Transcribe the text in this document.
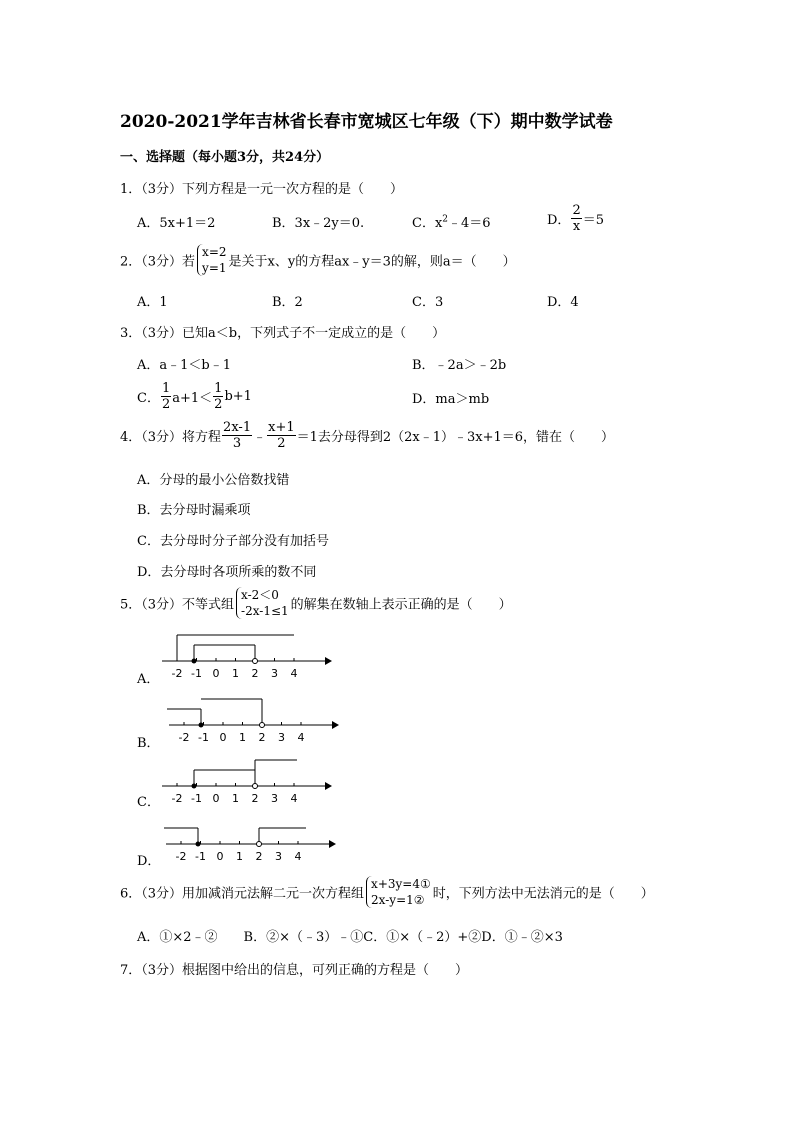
2020-2021学年吉林省长春市宽城区七年级（下）期中数学试卷
一、选择题（每小题3分，共24分）
1．（3分）下列方程是一元一次方程的是（　　）
A．5x+1＝2	B．3x﹣2y＝0.	C．$x^2﹣4=6$	D． $\frac{2}{x} =5$
2．（3分）若
x=2
y=1 是关于x、y的方程ax﹣y＝3的解，则a＝（　　）
A．1	B．2	C．3	D．4
3．（3分）已知a＜b，下列式子不一定成立的是（　　）
A．a﹣1＜b﹣1	B．﹣2a＞﹣2b
C． $\frac{1}{2} a+1< \frac{1}{2} b+1$	D．ma＞mb
4．（3分）将方程 $\frac{2x-1}{3}$ ﹣ $\frac{x+1}{2} =1$去分母得到2（2x﹣1）﹣3x+1＝6，错在（　　）
A．分母的最小公倍数找错
B．去分母时漏乘项
C．去分母时分子部分没有加括号
D．去分母时各项所乘的数不同
5．（3分）不等式组
x-2＜0
-2x-1≤1 的解集在数轴上表示正确的是（　　）
A． -2 -1 0 1 2 3 4
B． -2 -1 0 1 2 3 4
C． -2 -1 0 1 2 3 4
D． -2 -1 0 1 2 3 4
6．（3分）用加减消元法解二元一次方程组
x+3y=4①
2x-y=1② 时，下列方法中无法消元的是（　　）
A．①×2﹣②　　B．②×（﹣3）﹣①C．①×（﹣2）+②D．①﹣②×3
7．（3分）根据图中给出的信息，可列正确的方程是（　　）
